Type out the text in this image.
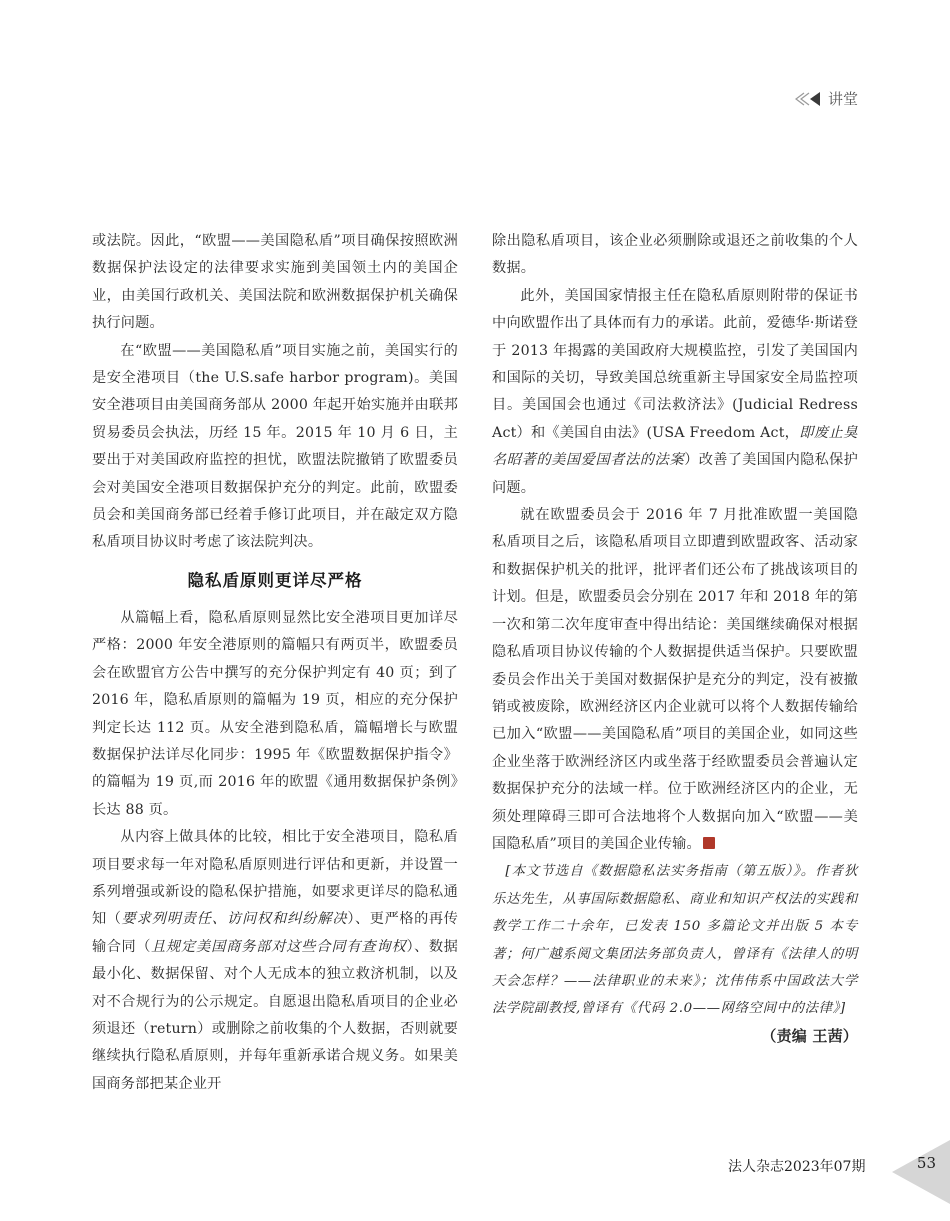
讲堂

或法院。因此，“欧盟——美国隐私盾”项目确保按照欧洲数据保护法设定的法律要求实施到美国领土内的美国企业，由美国行政机关、美国法院和欧洲数据保护机关确保执行问题。

在“欧盟——美国隐私盾”项目实施之前，美国实行的是安全港项目（the U.S.safe harbor program)。美国安全港项目由美国商务部从 2000 年起开始实施并由联邦贸易委员会执法，历经 15 年。2015 年 10 月 6 日，主要出于对美国政府监控的担忧，欧盟法院撤销了欧盟委员会对美国安全港项目数据保护充分的判定。此前，欧盟委员会和美国商务部已经着手修订此项目，并在敲定双方隐私盾项目协议时考虑了该法院判决。

隐私盾原则更详尽严格

从篇幅上看，隐私盾原则显然比安全港项目更加详尽严格：2000 年安全港原则的篇幅只有两页半，欧盟委员会在欧盟官方公告中撰写的充分保护判定有 40 页；到了 2016 年，隐私盾原则的篇幅为 19 页，相应的充分保护判定长达 112 页。从安全港到隐私盾，篇幅增长与欧盟数据保护法详尽化同步：1995 年《欧盟数据保护指令》的篇幅为 19 页,而 2016 年的欧盟《通用数据保护条例》长达 88 页。

从内容上做具体的比较，相比于安全港项目，隐私盾项目要求每一年对隐私盾原则进行评估和更新，并设置一系列增强或新设的隐私保护措施，如要求更详尽的隐私通知（要求列明责任、访问权和纠纷解决）、更严格的再传输合同（且规定美国商务部对这些合同有查询权）、数据最小化、数据保留、对个人无成本的独立救济机制，以及对不合规行为的公示规定。自愿退出隐私盾项目的企业必须退还（return）或删除之前收集的个人数据，否则就要继续执行隐私盾原则，并每年重新承诺合规义务。如果美国商务部把某企业开

除出隐私盾项目，该企业必须删除或退还之前收集的个人数据。

此外，美国国家情报主任在隐私盾原则附带的保证书中向欧盟作出了具体而有力的承诺。此前，爱德华·斯诺登于 2013 年揭露的美国政府大规模监控，引发了美国国内和国际的关切，导致美国总统重新主导国家安全局监控项目。美国国会也通过《司法救济法》(Judicial Redress Act）和《美国自由法》(USA Freedom Act，即废止臭名昭著的美国爱国者法的法案）改善了美国国内隐私保护问题。

就在欧盟委员会于 2016 年 7 月批准欧盟一美国隐私盾项目之后，该隐私盾项目立即遭到欧盟政客、活动家和数据保护机关的批评，批评者们还公布了挑战该项目的计划。但是，欧盟委员会分别在 2017 年和 2018 年的第一次和第二次年度审查中得出结论：美国继续确保对根据隐私盾项目协议传输的个人数据提供适当保护。只要欧盟委员会作出关于美国对数据保护是充分的判定，没有被撤销或被废除，欧洲经济区内企业就可以将个人数据传输给已加入“欧盟——美国隐私盾”项目的美国企业，如同这些企业坐落于欧洲经济区内或坐落于经欧盟委员会普遍认定数据保护充分的法域一样。位于欧洲经济区内的企业，无须处理障碍三即可合法地将个人数据向加入“欧盟——美国隐私盾”项目的美国企业传输。

[本文节选自《数据隐私法实务指南（第五版）》。作者狄乐达先生，从事国际数据隐私、商业和知识产权法的实践和教学工作二十余年，已发表 150 多篇论文并出版 5 本专著；何广越系阅文集团法务部负责人，曾译有《法律人的明天会怎样？——法律职业的未来》；沈伟伟系中国政法大学法学院副教授,曾译有《代码 2.0——网络空间中的法律》]

（责编 王茜）

法人杂志2023年07期	53
